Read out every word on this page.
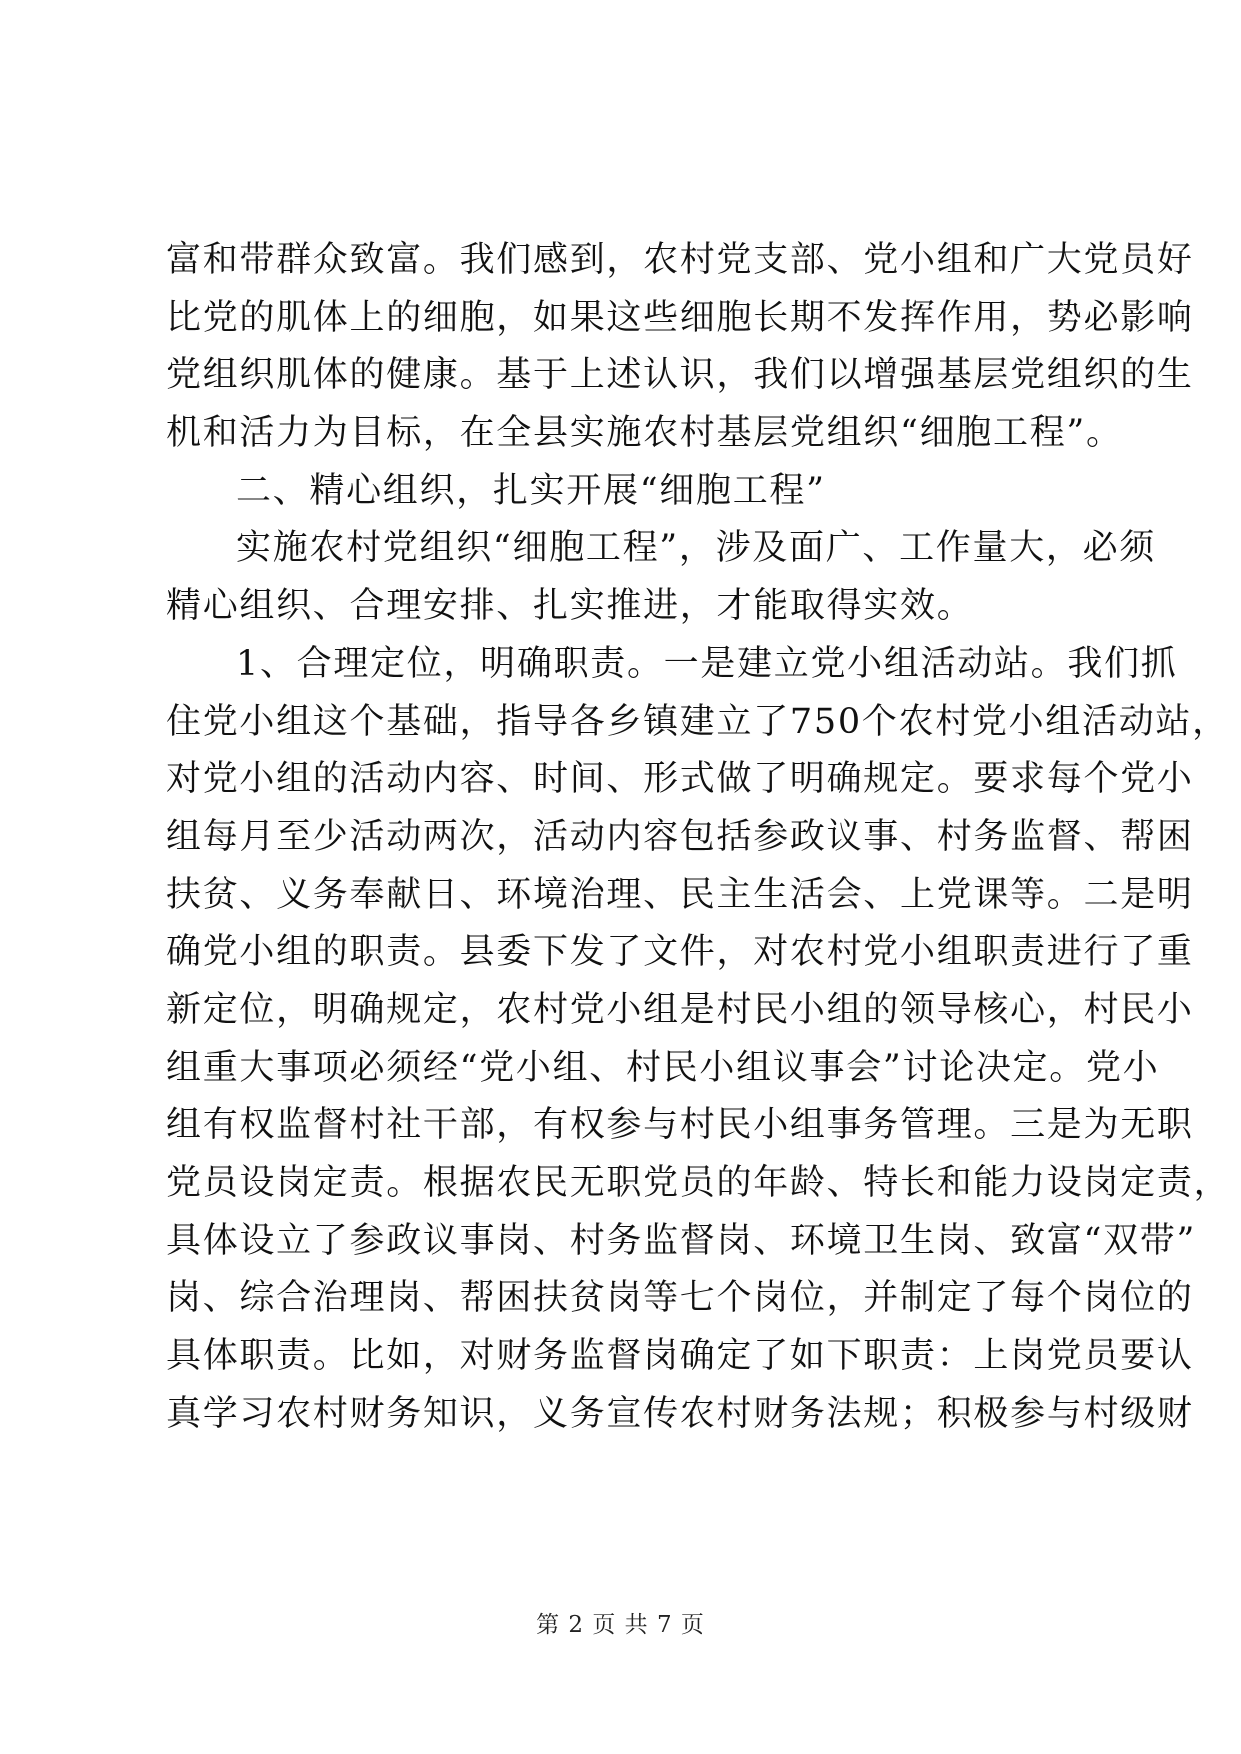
富和带群众致富。我们感到，农村党支部、党小组和广大党员好
比党的肌体上的细胞，如果这些细胞长期不发挥作用，势必影响
党组织肌体的健康。基于上述认识，我们以增强基层党组织的生
机和活力为目标，在全县实施农村基层党组织“细胞工程”。
二、精心组织，扎实开展“细胞工程”
实施农村党组织“细胞工程”，涉及面广、工作量大，必须
精心组织、合理安排、扎实推进，才能取得实效。
1、合理定位，明确职责。一是建立党小组活动站。我们抓
住党小组这个基础，指导各乡镇建立了750个农村党小组活动站，
对党小组的活动内容、时间、形式做了明确规定。要求每个党小
组每月至少活动两次，活动内容包括参政议事、村务监督、帮困
扶贫、义务奉献日、环境治理、民主生活会、上党课等。二是明
确党小组的职责。县委下发了文件，对农村党小组职责进行了重
新定位，明确规定，农村党小组是村民小组的领导核心，村民小
组重大事项必须经“党小组、村民小组议事会”讨论决定。党小
组有权监督村社干部，有权参与村民小组事务管理。三是为无职
党员设岗定责。根据农民无职党员的年龄、特长和能力设岗定责，
具体设立了参政议事岗、村务监督岗、环境卫生岗、致富“双带”
岗、综合治理岗、帮困扶贫岗等七个岗位，并制定了每个岗位的
具体职责。比如，对财务监督岗确定了如下职责：上岗党员要认
真学习农村财务知识，义务宣传农村财务法规；积极参与村级财
第 2 页 共 7 页
